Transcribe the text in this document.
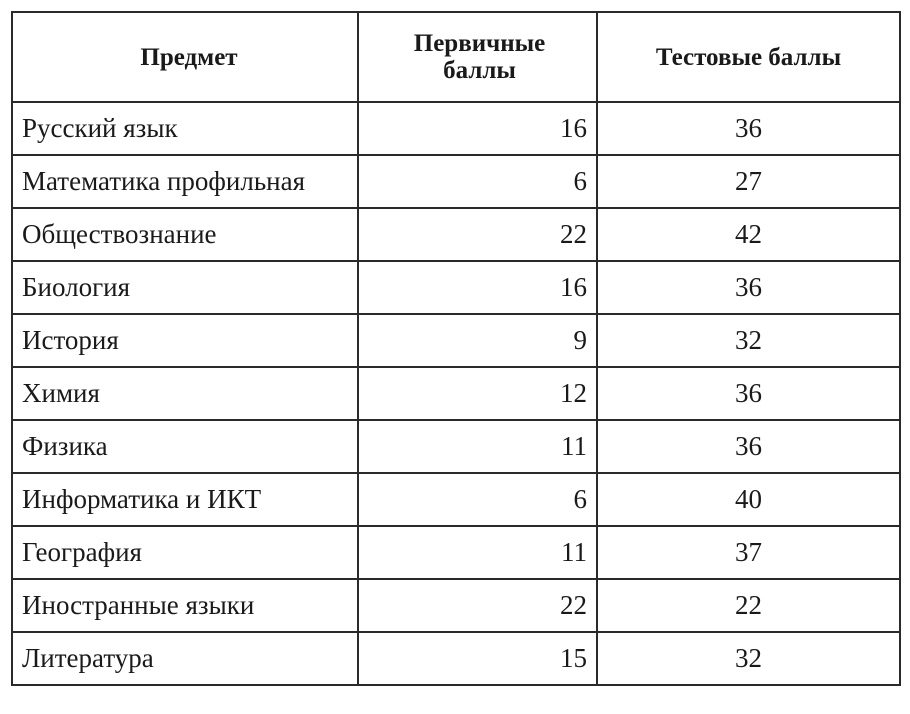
Предмет	Первичные баллы	Тестовые баллы
Русский язык	16	36
Математика профильная	6	27
Обществознание	22	42
Биология	16	36
История	9	32
Химия	12	36
Физика	11	36
Информатика и ИКТ	6	40
География	11	37
Иностранные языки	22	22
Литература	15	32
